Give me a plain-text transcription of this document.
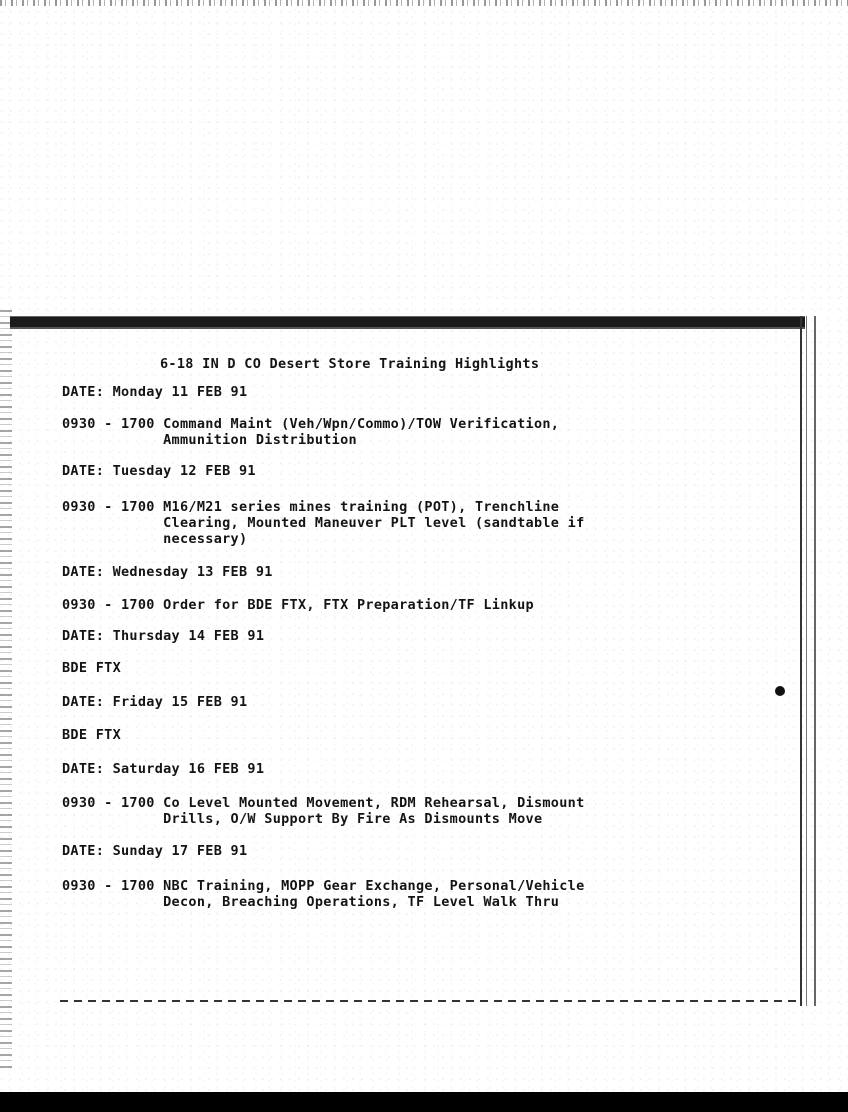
6-18 IN D CO Desert Store Training Highlights
DATE: Monday 11 FEB 91
0930 - 1700 Command Maint (Veh/Wpn/Commo)/TOW Verification,
Ammunition Distribution
DATE: Tuesday 12 FEB 91
0930 - 1700 M16/M21 series mines training (POT), Trenchline
Clearing, Mounted Maneuver PLT level (sandtable if
necessary)
DATE: Wednesday 13 FEB 91
0930 - 1700 Order for BDE FTX, FTX Preparation/TF Linkup
DATE: Thursday 14 FEB 91
BDE FTX
DATE: Friday 15 FEB 91
BDE FTX
DATE: Saturday 16 FEB 91
0930 - 1700 Co Level Mounted Movement, RDM Rehearsal, Dismount
Drills, O/W Support By Fire As Dismounts Move
DATE: Sunday 17 FEB 91
0930 - 1700 NBC Training, MOPP Gear Exchange, Personal/Vehicle
Decon, Breaching Operations, TF Level Walk Thru
